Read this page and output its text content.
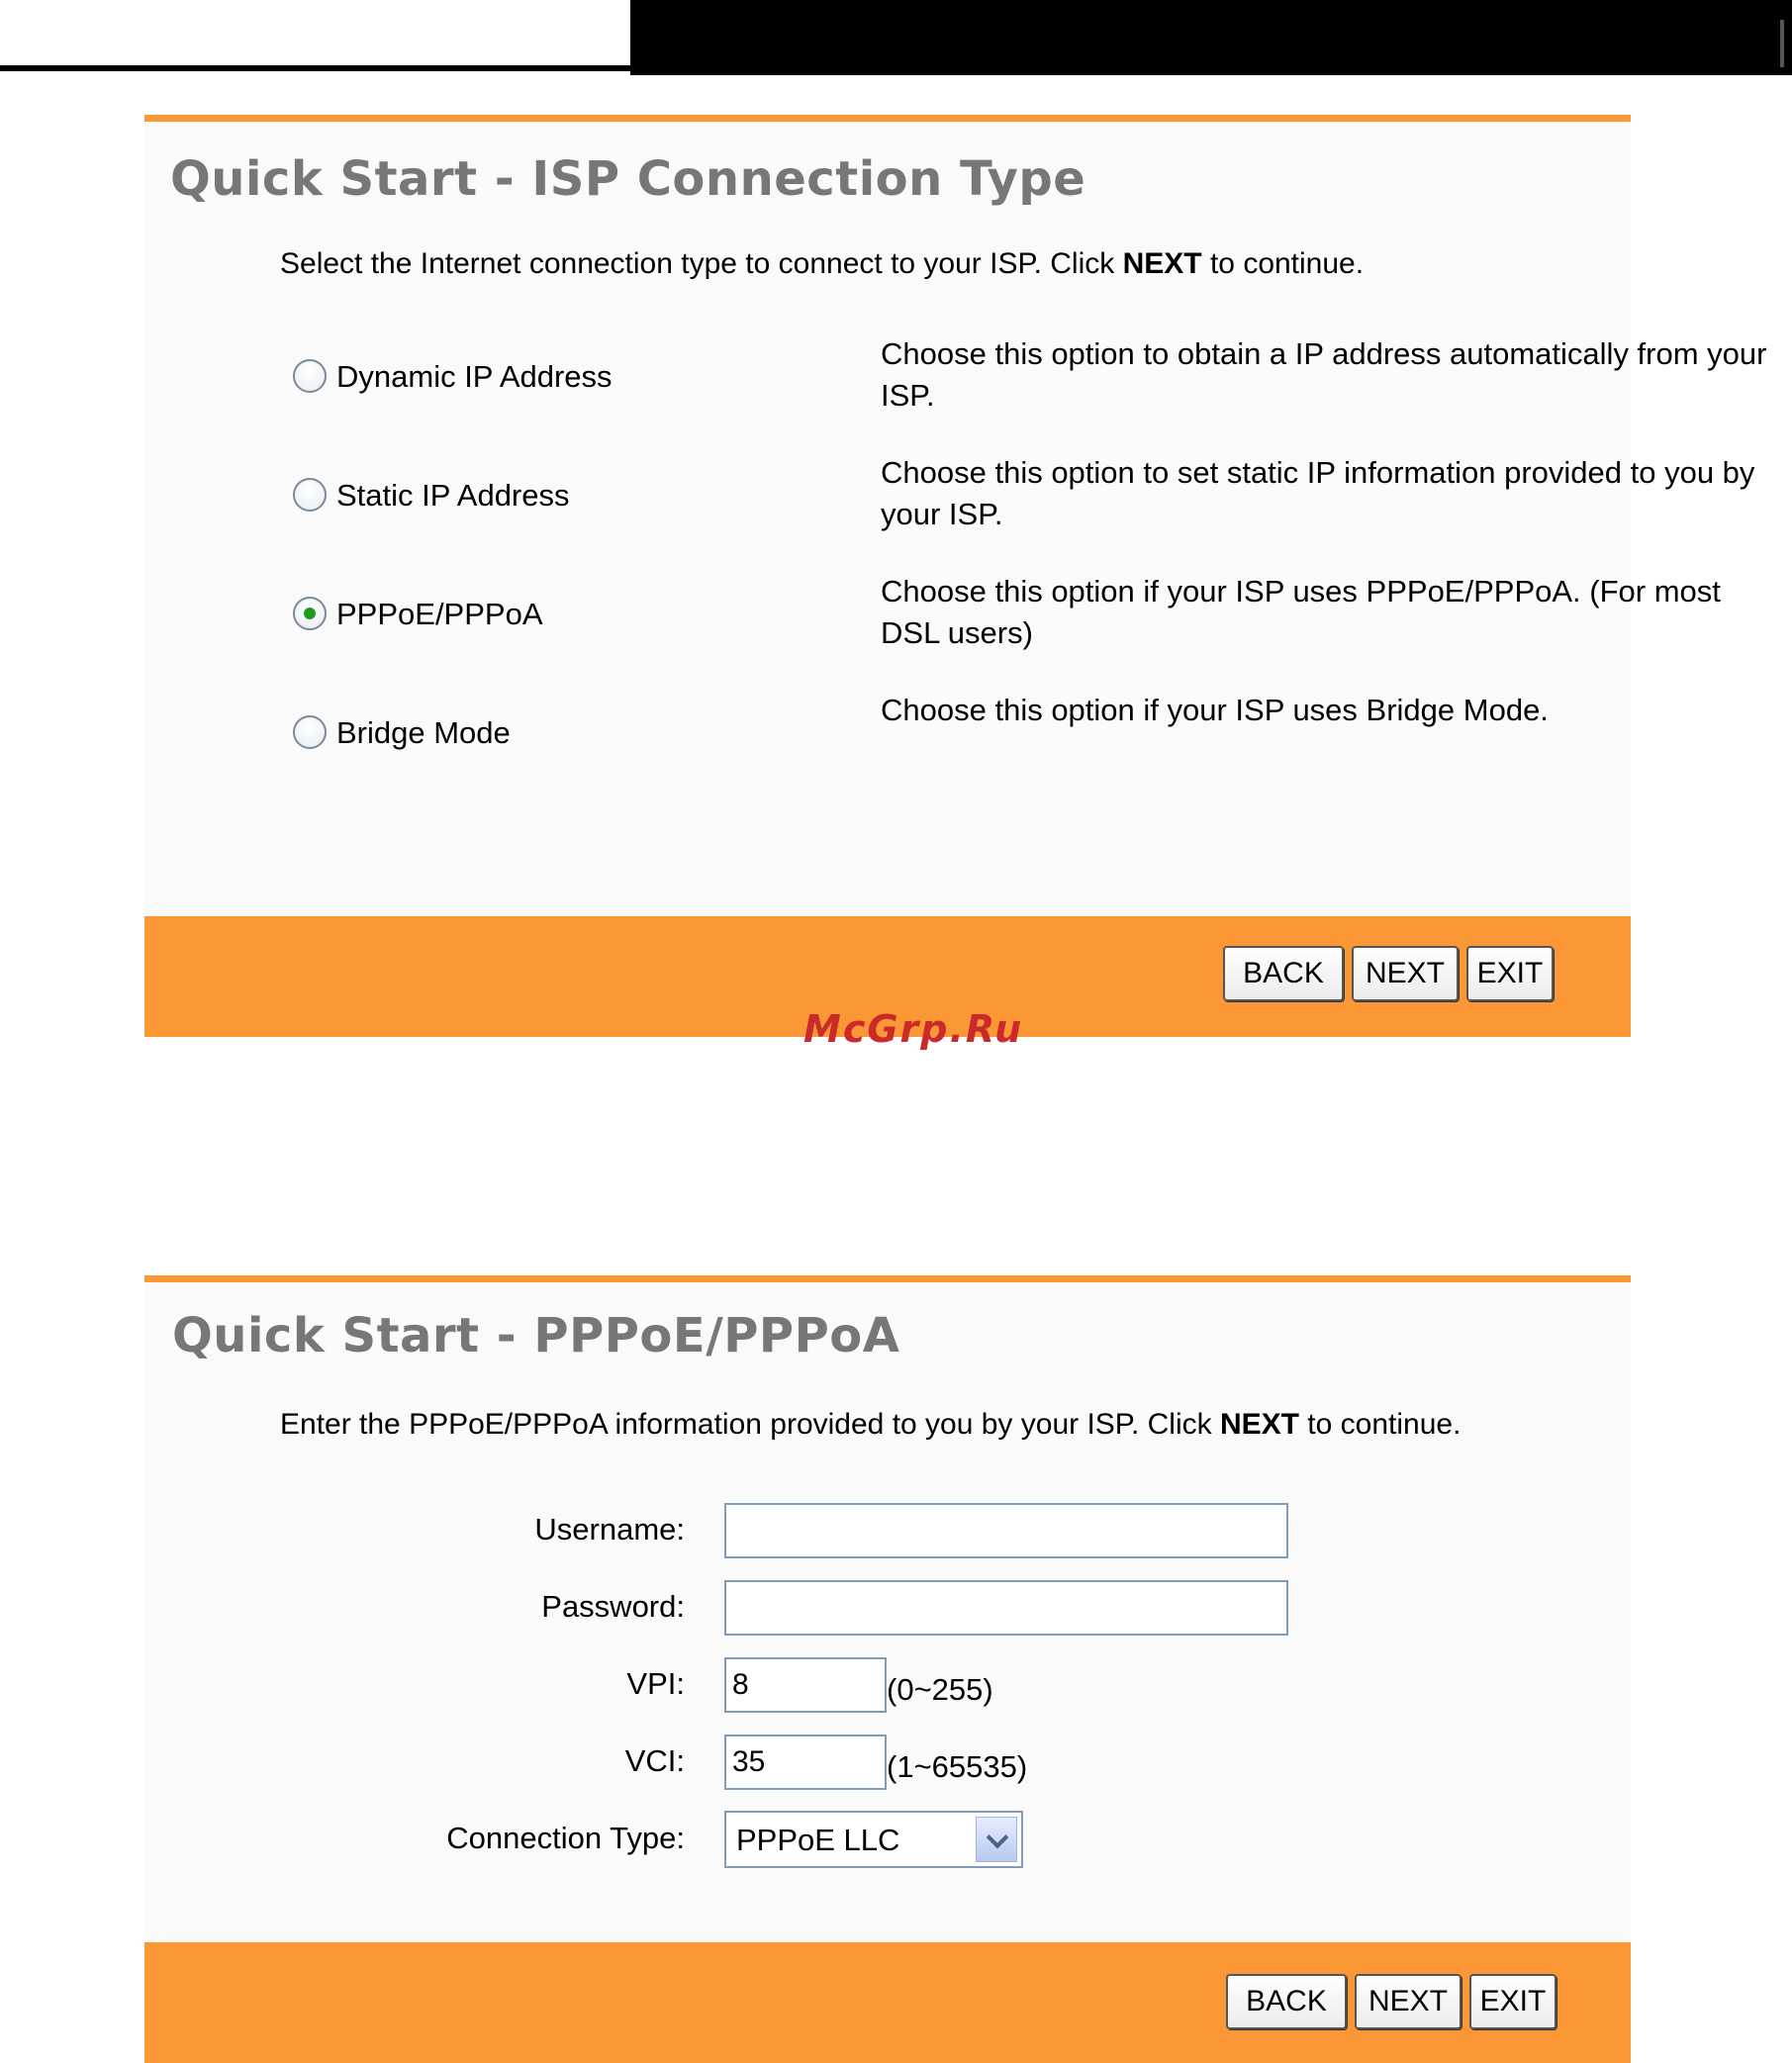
Quick Start - ISP Connection Type
Select the Internet connection type to connect to your ISP. Click NEXT to continue.
Dynamic IP Address
Choose this option to obtain a IP address automatically from your ISP.
Static IP Address
Choose this option to set static IP information provided to you by your ISP.
PPPoE/PPPoA
Choose this option if your ISP uses PPPoE/PPPoA. (For most DSL users)
Bridge Mode
Choose this option if your ISP uses Bridge Mode.
BACK	NEXT	EXIT
McGrp.Ru
Quick Start - PPPoE/PPPoA
Enter the PPPoE/PPPoA information provided to you by your ISP. Click NEXT to continue.
Username:
Password:
VPI:
8	(0~255)
VCI:
35	(1~65535)
Connection Type: PPPoE LLC
BACK	NEXT	EXIT
